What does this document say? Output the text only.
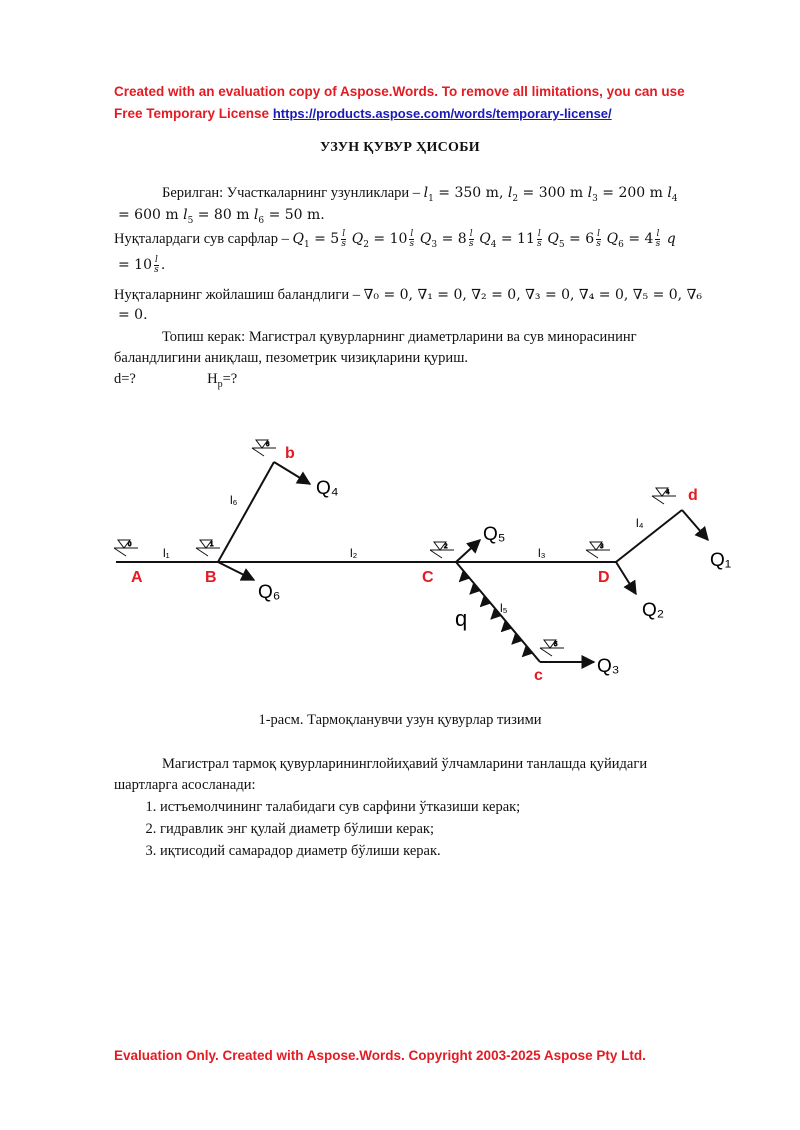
Created with an evaluation copy of Aspose.Words. To remove all limitations, you can use
Free Temporary License https://products.aspose.com/words/temporary-license/
УЗУН ҚУВУР ҲИСОБИ
Берилган: Участкаларнинг узунликлари – $l_1 = 350$ m, $l_2 = 300$ m $l_3 = 200$ m $l_4$
= 600 m $l_5 = 80$ m $l_6 = 50$ m.
Нуқталардаги сув сарфлар – $Q_1 = 5 \frac{l}{s} Q_2 = 10 \frac{l}{s} Q_3 = 8 \frac{l}{s} Q_4 = 11 \frac{l}{s} Q_5 = 6 \frac{l}{s} Q_6 = 4 \frac{l}{s}$ q
= $10 \frac{l}{s}$ .
Нуқталарнинг жойлашиш баландлиги – ∇₀ = 0, ∇₁ = 0, ∇₂ = 0, ∇₃ = 0, ∇₄ = 0, ∇₅ = 0, ∇₆
= 0.
Топиш керак: Магистрал қувурларнинг диаметрларини ва сув минорасининг
баландлигини аниқлаш, пезометрик чизиқларини қуриш.
d=?	$H_p=$?
0	1	2	3
6
5
4
A	B	C	D
b
c
d
l₁	l₂	l₃
l₄
l₅
l₆
Q₁
Q₂
Q₃
Q₄
Q₅
Q₆
q
1-расм. Тармоқланувчи узун қувурлар тизими
Магистрал тармоқ қувурларининглойиҳавий ўлчамларини танлашда қуйидаги
шартларга асосланади:
1. истъемолчининг талабидаги сув сарфини ўтказиши керак;
2. гидравлик энг қулай диаметр бўлиши керак;
3. иқтисодий самарадор диаметр бўлиши керак.
Evaluation Only. Created with Aspose.Words. Copyright 2003-2025 Aspose Pty Ltd.
